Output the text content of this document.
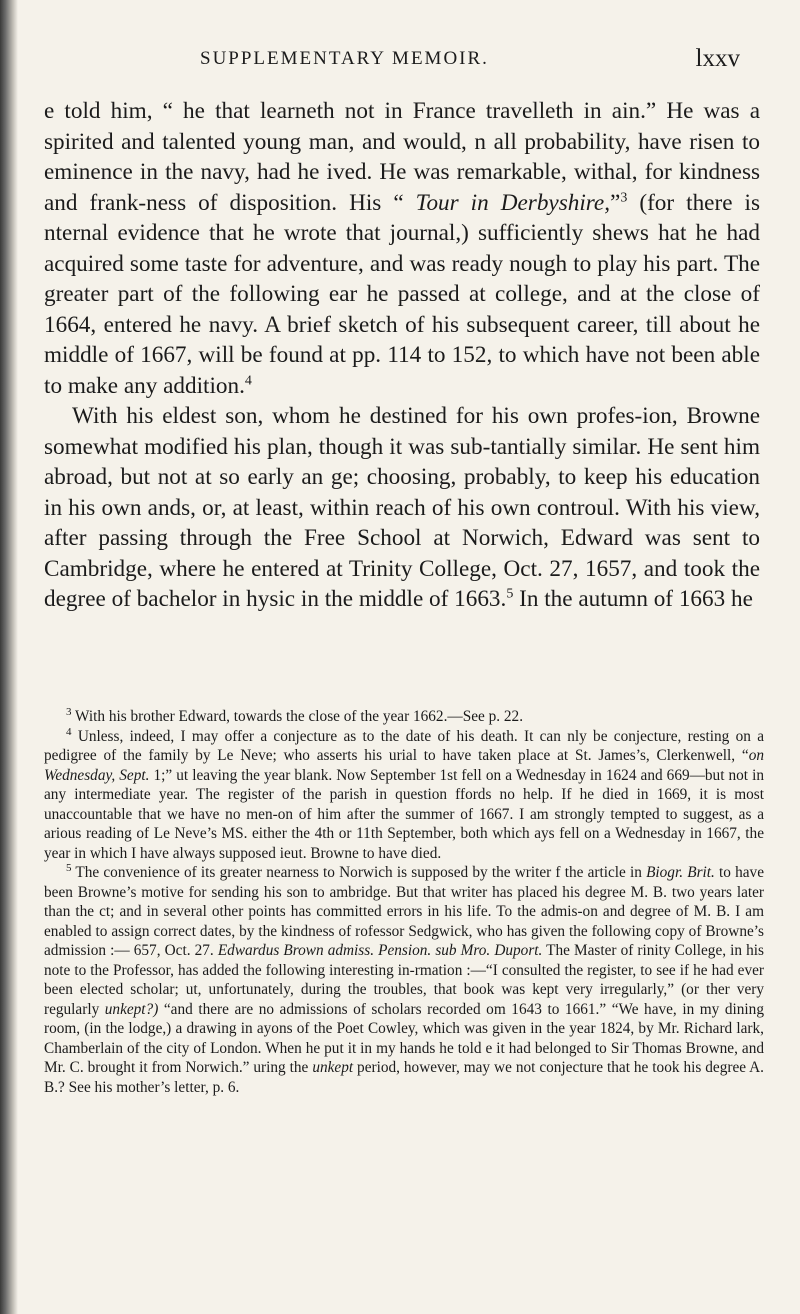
SUPPLEMENTARY MEMOIR.	lxxv

e told him, “ he that learneth not in France travelleth in ain.” He was a spirited and talented young man, and would, n all probability, have risen to eminence in the navy, had he ived. He was remarkable, withal, for kindness and frank-ness of disposition. His “ Tour in Derbyshire,”$^3$ (for there is nternal evidence that he wrote that journal,) sufficiently shews hat he had acquired some taste for adventure, and was ready nough to play his part. The greater part of the following ear he passed at college, and at the close of 1664, entered he navy. A brief sketch of his subsequent career, till about he middle of 1667, will be found at pp. 114 to 152, to which have not been able to make any addition.$^4$

With his eldest son, whom he destined for his own profes-ion, Browne somewhat modified his plan, though it was sub-tantially similar. He sent him abroad, but not at so early an ge; choosing, probably, to keep his education in his own ands, or, at least, within reach of his own controul. With his view, after passing through the Free School at Norwich, Edward was sent to Cambridge, where he entered at Trinity College, Oct. 27, 1657, and took the degree of bachelor in hysic in the middle of 1663.$^5$ In the autumn of 1663 he

$^3$ With his brother Edward, towards the close of the year 1662.—See p. 22.

$^4$ Unless, indeed, I may offer a conjecture as to the date of his death. It can nly be conjecture, resting on a pedigree of the family by Le Neve; who asserts his urial to have taken place at St. James’s, Clerkenwell, “on Wednesday, Sept. 1;” ut leaving the year blank. Now September 1st fell on a Wednesday in 1624 and 669—but not in any intermediate year. The register of the parish in question ffords no help. If he died in 1669, it is most unaccountable that we have no men-on of him after the summer of 1667. I am strongly tempted to suggest, as a arious reading of Le Neve’s MS. either the 4th or 11th September, both which ays fell on a Wednesday in 1667, the year in which I have always supposed ieut. Browne to have died.

$^5$ The convenience of its greater nearness to Norwich is supposed by the writer f the article in Biogr. Brit. to have been Browne’s motive for sending his son to ambridge. But that writer has placed his degree M. B. two years later than the ct; and in several other points has committed errors in his life. To the admis-on and degree of M. B. I am enabled to assign correct dates, by the kindness of rofessor Sedgwick, who has given the following copy of Browne’s admission :— 657, Oct. 27. Edwardus Brown admiss. Pension. sub Mro. Duport. The Master of rinity College, in his note to the Professor, has added the following interesting in-rmation :—“I consulted the register, to see if he had ever been elected scholar; ut, unfortunately, during the troubles, that book was kept very irregularly,” (or ther very regularly unkept?) “and there are no admissions of scholars recorded om 1643 to 1661.” “We have, in my dining room, (in the lodge,) a drawing in ayons of the Poet Cowley, which was given in the year 1824, by Mr. Richard lark, Chamberlain of the city of London. When he put it in my hands he told e it had belonged to Sir Thomas Browne, and Mr. C. brought it from Norwich.” uring the unkept period, however, may we not conjecture that he took his degree A. B.? See his mother’s letter, p. 6.
